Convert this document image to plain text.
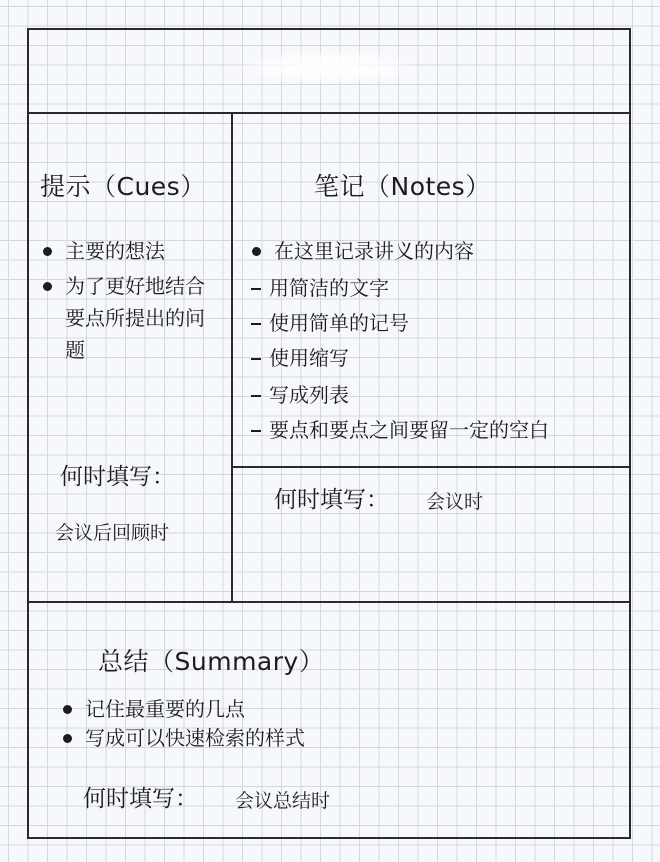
提示（Cues）
主要的想法
为了更好地结合要点所提出的问题
何时填写：
会议后回顾时
笔记（Notes）
在这里记录讲义的内容
用简洁的文字
使用简单的记号
使用缩写
写成列表
要点和要点之间要留一定的空白
何时填写： 会议时
总结（Summary）
记住最重要的几点
写成可以快速检索的样式
何时填写： 会议总结时
